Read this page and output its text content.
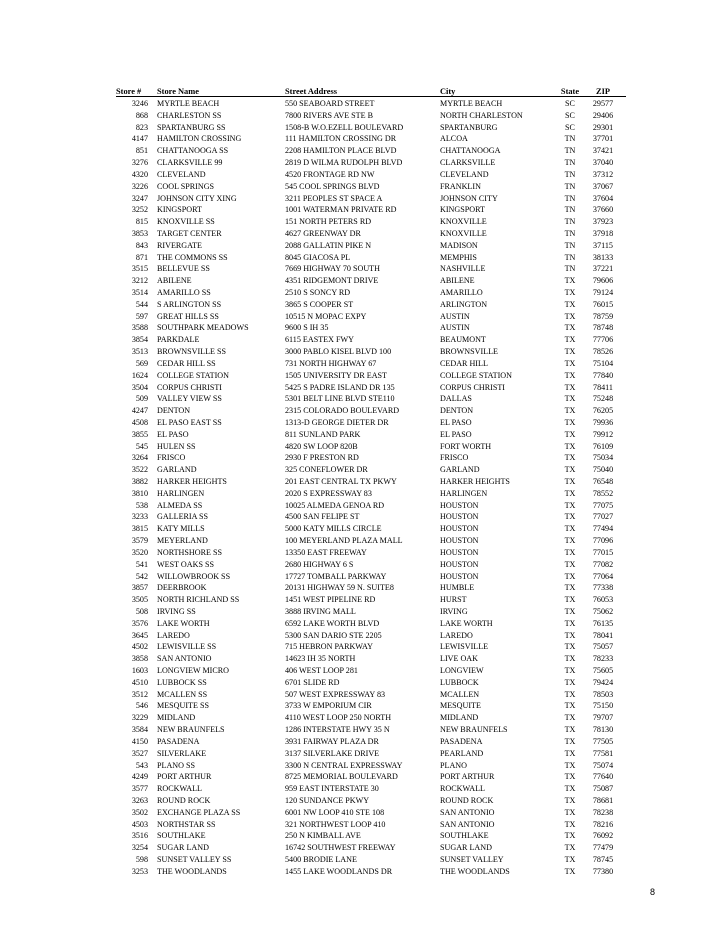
Store # Store Name	Street Address	City	State	ZIP
3246 MYRTLE BEACH	550 SEABOARD STREET	MYRTLE BEACH	SC	29577
868 CHARLESTON SS	7800 RIVERS AVE STE B	NORTH CHARLESTON	SC	29406
823 SPARTANBURG SS	1508-B W.O.EZELL BOULEVARD	SPARTANBURG	SC	29301
4147 HAMILTON CROSSING	111 HAMILTON CROSSING DR	ALCOA	TN	37701
851 CHATTANOOGA SS	2208 HAMILTON PLACE BLVD	CHATTANOOGA	TN	37421
3276 CLARKSVILLE 99	2819 D WILMA RUDOLPH BLVD	CLARKSVILLE	TN	37040
4320 CLEVELAND	4520 FRONTAGE RD NW	CLEVELAND	TN	37312
3226 COOL SPRINGS	545 COOL SPRINGS BLVD	FRANKLIN	TN	37067
3247 JOHNSON CITY XING	3211 PEOPLES ST SPACE A	JOHNSON CITY	TN	37604
3252 KINGSPORT	1001 WATERMAN PRIVATE RD	KINGSPORT	TN	37660
815 KNOXVILLE SS	151 NORTH PETERS RD	KNOXVILLE	TN	37923
3853 TARGET CENTER	4627 GREENWAY DR	KNOXVILLE	TN	37918
843 RIVERGATE	2088 GALLATIN PIKE N	MADISON	TN	37115
871 THE COMMONS SS	8045 GIACOSA PL	MEMPHIS	TN	38133
3515 BELLEVUE SS	7669 HIGHWAY 70 SOUTH	NASHVILLE	TN	37221
3212 ABILENE	4351 RIDGEMONT DRIVE	ABILENE	TX	79606
3514 AMARILLO SS	2510 S SONCY RD	AMARILLO	TX	79124
544 S ARLINGTON SS	3865 S COOPER ST	ARLINGTON	TX	76015
597 GREAT HILLS SS	10515 N MOPAC EXPY	AUSTIN	TX	78759
3588 SOUTHPARK MEADOWS	9600 S IH 35	AUSTIN	TX	78748
3854 PARKDALE	6115 EASTEX FWY	BEAUMONT	TX	77706
3513 BROWNSVILLE SS	3000 PABLO KISEL BLVD 100	BROWNSVILLE	TX	78526
569 CEDAR HILL SS	731 NORTH HIGHWAY 67	CEDAR HILL	TX	75104
1624 COLLEGE STATION	1505 UNIVERSITY DR EAST	COLLEGE STATION	TX	77840
3504 CORPUS CHRISTI	5425 S PADRE ISLAND DR 135	CORPUS CHRISTI	TX	78411
509 VALLEY VIEW SS	5301 BELT LINE BLVD STE110	DALLAS	TX	75248
4247 DENTON	2315 COLORADO BOULEVARD	DENTON	TX	76205
4508 EL PASO EAST SS	1313-D GEORGE DIETER DR	EL PASO	TX	79936
3855 EL PASO	811 SUNLAND PARK	EL PASO	TX	79912
545 HULEN SS	4820 SW LOOP 820B	FORT WORTH	TX	76109
3264 FRISCO	2930 F PRESTON RD	FRISCO	TX	75034
3522 GARLAND	325 CONEFLOWER DR	GARLAND	TX	75040
3882 HARKER HEIGHTS	201 EAST CENTRAL TX PKWY	HARKER HEIGHTS	TX	76548
3810 HARLINGEN	2020 S EXPRESSWAY 83	HARLINGEN	TX	78552
538 ALMEDA SS	10025 ALMEDA GENOA RD	HOUSTON	TX	77075
3233 GALLERIA SS	4500 SAN FELIPE ST	HOUSTON	TX	77027
3815 KATY MILLS	5000 KATY MILLS CIRCLE	HOUSTON	TX	77494
3579 MEYERLAND	100 MEYERLAND PLAZA MALL	HOUSTON	TX	77096
3520 NORTHSHORE SS	13350 EAST FREEWAY	HOUSTON	TX	77015
541 WEST OAKS SS	2680 HIGHWAY 6 S	HOUSTON	TX	77082
542 WILLOWBROOK SS	17727 TOMBALL PARKWAY	HOUSTON	TX	77064
3857 DEERBROOK	20131 HIGHWAY 59 N. SUITE8	HUMBLE	TX	77338
3505 NORTH RICHLAND SS	1451 WEST PIPELINE RD	HURST	TX	76053
508 IRVING SS	3888 IRVING MALL	IRVING	TX	75062
3576 LAKE WORTH	6592 LAKE WORTH BLVD	LAKE WORTH	TX	76135
3645 LAREDO	5300 SAN DARIO STE 2205	LAREDO	TX	78041
4502 LEWISVILLE SS	715 HEBRON PARKWAY	LEWISVILLE	TX	75057
3858 SAN ANTONIO	14623 IH 35 NORTH	LIVE OAK	TX	78233
1603 LONGVIEW MICRO	406 WEST LOOP 281	LONGVIEW	TX	75605
4510 LUBBOCK SS	6701 SLIDE RD	LUBBOCK	TX	79424
3512 MCALLEN SS	507 WEST EXPRESSWAY 83	MCALLEN	TX	78503
546 MESQUITE SS	3733 W EMPORIUM CIR	MESQUITE	TX	75150
3229 MIDLAND	4110 WEST LOOP 250 NORTH	MIDLAND	TX	79707
3584 NEW BRAUNFELS	1286 INTERSTATE HWY 35 N	NEW BRAUNFELS	TX	78130
4150 PASADENA	3931 FAIRWAY PLAZA DR	PASADENA	TX	77505
3527 SILVERLAKE	3137 SILVERLAKE DRIVE	PEARLAND	TX	77581
543 PLANO SS	3300 N CENTRAL EXPRESSWAY	PLANO	TX	75074
4249 PORT ARTHUR	8725 MEMORIAL BOULEVARD	PORT ARTHUR	TX	77640
3577 ROCKWALL	959 EAST INTERSTATE 30	ROCKWALL	TX	75087
3263 ROUND ROCK	120 SUNDANCE PKWY	ROUND ROCK	TX	78681
3502 EXCHANGE PLAZA SS	6001 NW LOOP 410 STE 108	SAN ANTONIO	TX	78238
4503 NORTHSTAR SS	321 NORTHWEST LOOP 410	SAN ANTONIO	TX	78216
3516 SOUTHLAKE	250 N KIMBALL AVE	SOUTHLAKE	TX	76092
3254 SUGAR LAND	16742 SOUTHWEST FREEWAY	SUGAR LAND	TX	77479
598 SUNSET VALLEY SS	5400 BRODIE LANE	SUNSET VALLEY	TX	78745
3253 THE WOODLANDS	1455 LAKE WOODLANDS DR	THE WOODLANDS	TX	77380
8
